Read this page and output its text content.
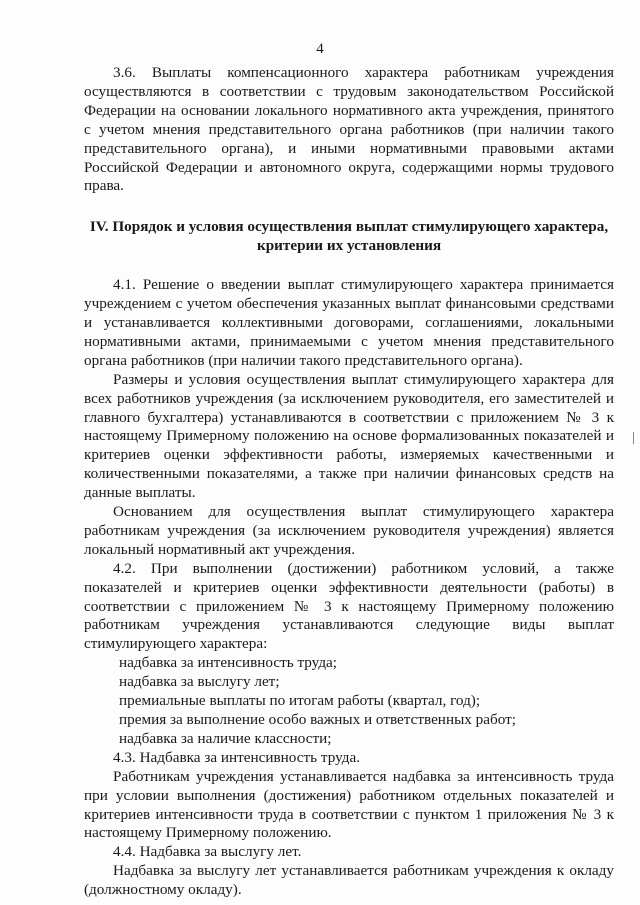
4

3.6. Выплаты компенсационного характера работникам учреждения осуществляются в соответствии с трудовым законодательством Российской Федерации на основании локального нормативного акта учреждения, принятого с учетом мнения представительного органа работников (при наличии такого представительного органа), и иными нормативными правовыми актами Российской Федерации и автономного округа, содержащими нормы трудового права.

IV. Порядок и условия осуществления выплат стимулирующего характера, критерии их установления

4.1. Решение о введении выплат стимулирующего характера принимается учреждением с учетом обеспечения указанных выплат финансовыми средствами и устанавливается коллективными договорами, соглашениями, локальными нормативными актами, принимаемыми с учетом мнения представительного органа работников (при наличии такого представительного органа).

Размеры и условия осуществления выплат стимулирующего характера для всех работников учреждения (за исключением руководителя, его заместителей и главного бухгалтера) устанавливаются в соответствии с приложением № 3 к настоящему Примерному положению на основе формализованных показателей и критериев оценки эффективности работы, измеряемых качественными и количественными показателями, а также при наличии финансовых средств на данные выплаты.

Основанием для осуществления выплат стимулирующего характера работникам учреждения (за исключением руководителя учреждения) является локальный нормативный акт учреждения.

4.2. При выполнении (достижении) работником условий, а также показателей и критериев оценки эффективности деятельности (работы) в соответствии с приложением № 3 к настоящему Примерному положению работникам учреждения устанавливаются следующие виды выплат стимулирующего характера:

надбавка за интенсивность труда;

надбавка за выслугу лет;

премиальные выплаты по итогам работы (квартал, год);

премия за выполнение особо важных и ответственных работ;

надбавка за наличие классности;

4.3. Надбавка за интенсивность труда.

Работникам учреждения устанавливается надбавка за интенсивность труда при условии выполнения (достижения) работником отдельных показателей и критериев интенсивности труда в соответствии с пунктом 1 приложения № 3 к настоящему Примерному положению.

4.4. Надбавка за выслугу лет.

Надбавка за выслугу лет устанавливается работникам учреждения к окладу (должностному окладу).
